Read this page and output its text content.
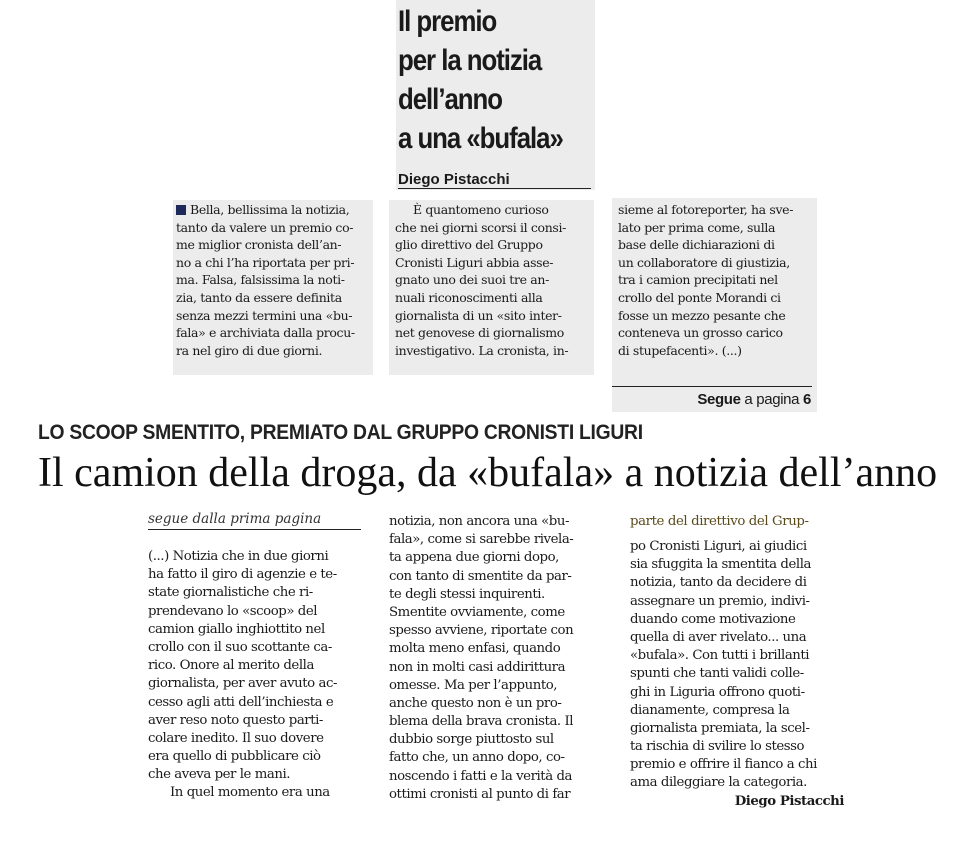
Il premio
per la notizia
dell’anno
a una «bufala»
Diego Pistacchi
Bella, bellissima la notizia,
tanto da valere un premio co-
me miglior cronista dell’an-
no a chi l’ha riportata per pri-
ma. Falsa, falsissima la noti-
zia, tanto da essere definita
senza mezzi termini una «bu-
fala» e archiviata dalla procu-
ra nel giro di due giorni.
È quantomeno curioso
che nei giorni scorsi il consi-
glio direttivo del Gruppo
Cronisti Liguri abbia asse-
gnato uno dei suoi tre an-
nuali riconoscimenti alla
giornalista di un «sito inter-
net genovese di giornalismo
investigativo. La cronista, in-
sieme al fotoreporter, ha sve-
lato per prima come, sulla
base delle dichiarazioni di
un collaboratore di giustizia,
tra i camion precipitati nel
crollo del ponte Morandi ci
fosse un mezzo pesante che
conteneva un grosso carico
di stupefacenti». (...)
Segue a pagina 6
LO SCOOP SMENTITO, PREMIATO DAL GRUPPO CRONISTI LIGURI
Il camion della droga, da «bufala» a notizia dell’anno
segue dalla prima pagina
(...) Notizia che in due giorni
ha fatto il giro di agenzie e te-
state giornalistiche che ri-
prendevano lo «scoop» del
camion giallo inghiottito nel
crollo con il suo scottante ca-
rico. Onore al merito della
giornalista, per aver avuto ac-
cesso agli atti dell’inchiesta e
aver reso noto questo parti-
colare inedito. Il suo dovere
era quello di pubblicare ciò
che aveva per le mani.
In quel momento era una
notizia, non ancora una «bu-
fala», come si sarebbe rivela-
ta appena due giorni dopo,
con tanto di smentite da par-
te degli stessi inquirenti.
Smentite ovviamente, come
spesso avviene, riportate con
molta meno enfasi, quando
non in molti casi addirittura
omesse. Ma per l’appunto,
anche questo non è un pro-
blema della brava cronista. Il
dubbio sorge piuttosto sul
fatto che, un anno dopo, co-
noscendo i fatti e la verità da
ottimi cronisti al punto di far
parte del direttivo del Grup-
po Cronisti Liguri, ai giudici
sia sfuggita la smentita della
notizia, tanto da decidere di
assegnare un premio, indivi-
duando come motivazione
quella di aver rivelato... una
«bufala». Con tutti i brillanti
spunti che tanti validi colle-
ghi in Liguria offrono quoti-
dianamente, compresa la
giornalista premiata, la scel-
ta rischia di svilire lo stesso
premio e offrire il fianco a chi
ama dileggiare la categoria.
Diego Pistacchi
